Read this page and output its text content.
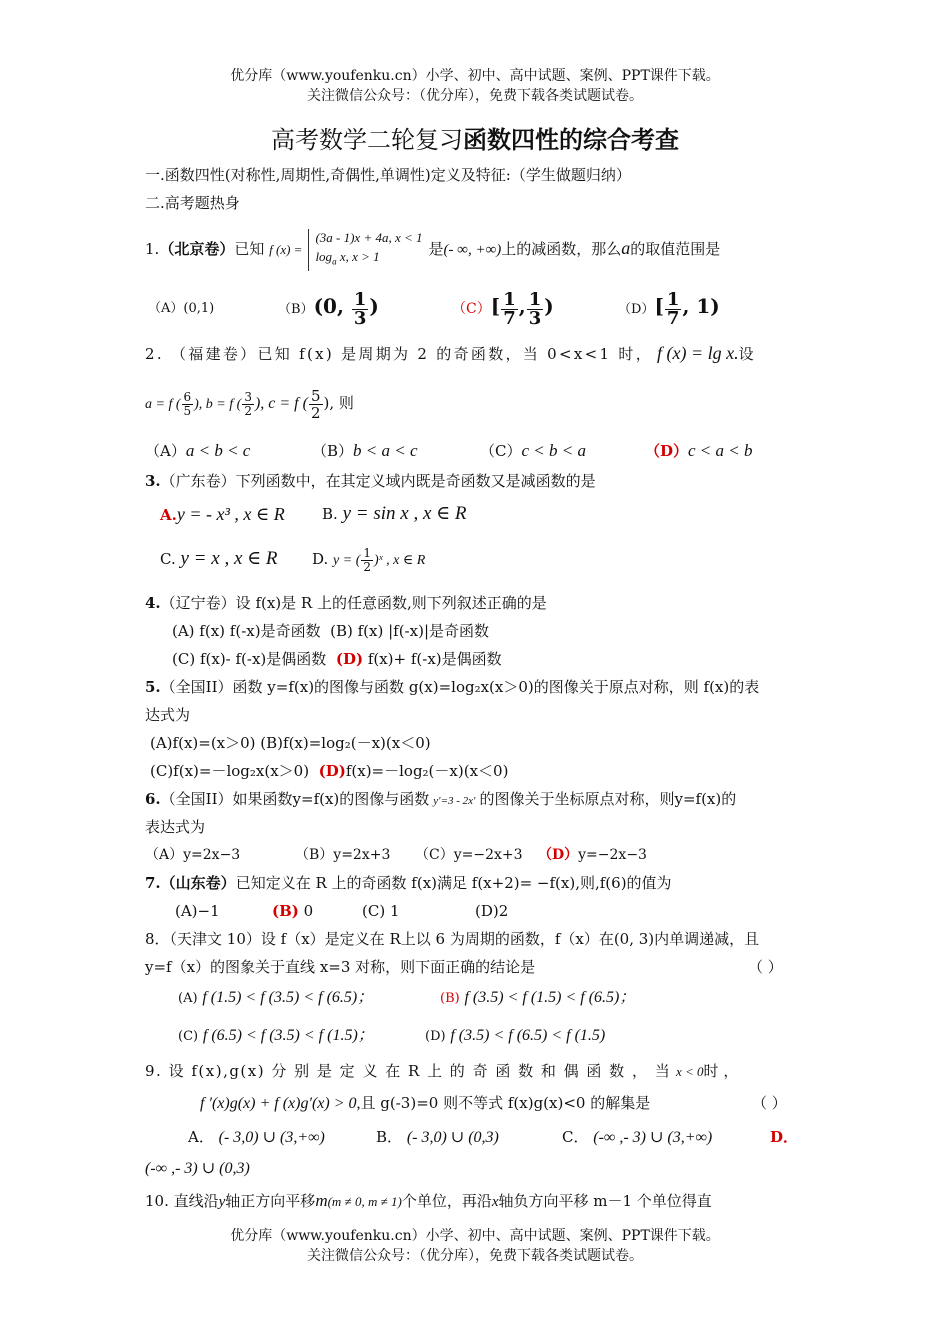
优分库（www.youfenku.cn）小学、初中、高中试题、案例、PPT课件下载。
关注微信公众号：（优分库），免费下载各类试题试卷。
高考数学二轮复习函数四性的综合考查
一.函数四性(对称性,周期性,奇偶性,单调性)定义及特征:（学生做题归纳）
二.高考题热身
1.（北京卷）已知 f (x) =(3a - 1)x + 4a, x < 1
$\log_a x$, x > 1	是(- ∞, +∞)上的减函数，那么a的取值范围是
（A）(0,1)	（B）(0, $\frac{1}{3}$ )	$(C)[ \frac{1}{7}$ , $\frac{1}{3}$ )	$(D)[ \frac{1}{7}$ , 1)
2. （福建卷）已知 f(x) 是周期为 2 的奇函数，当 0<x<1 时， f (x) = lg x.设
a = f ( $\frac{6}{5}$ ), b = f ( $\frac{3}{2}$ ), c = f ( $\frac{5}{2}$ ), 则
（A）a < b < c	（B）b < a < c	（C）c < b < a	（D）c < a < b
3.（广东卷）下列函数中，在其定义域内既是奇函数又是减函数的是
A.y = - x³ , x ∈ R B. y = sin x , x ∈ R
C. y = x , x ∈ R D. y = ( $\frac{1}{2}$ )ˣ , x ∈ R
4.（辽宁卷）设 f(x)是 R 上的任意函数,则下列叙述正确的是
(A) f(x) f(-x)是奇函数 (B) f(x) |f(-x)|是奇函数
(C) f(x)- f(-x)是偶函数 (D) f(x)+ f(-x)是偶函数
5.（全国II）函数 y=f(x)的图像与函数 g(x)=log₂x(x＞0)的图像关于原点对称，则 f(x)的表
达式为
(A)f(x)=(x＞0) (B)f(x)=log₂(－x)(x＜0)
(C)f(x)=－log₂x(x＞0) (D)f(x)=－log₂(－x)(x＜0)
6.（全国II）如果函数y=f(x)的图像与函数 y′=3 - 2x′ 的图像关于坐标原点对称，则y=f(x)的
表达式为
（A）y=2x−3	（B）y=2x+3 （C）y=−2x+3 （D）y=−2x−3
7.（山东卷）已知定义在 R 上的奇函数 f(x)满足 f(x+2)= −f(x),则,f(6)的值为
(A)−1	(B) 0	(C) 1	(D)2
8．（天津文 10）设 f（x）是定义在 R上以 6 为周期的函数，f（x）在(0, 3)内单调递减，且
y=f（x）的图象关于直线 x=3 对称，则下面正确的结论是	（ ）
(A) f (1.5) < f (3.5) < f (6.5)；	(B) f (3.5) < f (1.5) < f (6.5)；
(C) f (6.5) < f (3.5) < f (1.5)；	(D) f (3.5) < f (6.5) < f (1.5)
9. 设 f(x),g(x) 分 别 是 定 义 在 R 上 的 奇 函 数 和 偶 函 数 ， 当 x < 0时 ，
f ′(x)g(x) + f (x)g′(x) > 0,且 g(-3)=0 则不等式 f(x)g(x)<0 的解集是	（ ）
A． (- 3,0) ∪ (3,+∞)	B． (- 3,0) ∪ (0,3)	C． (-∞ ,- 3) ∪ (3,+∞)	D．
(-∞ ,- 3) ∪ (0,3)
10. 直线沿y轴正方向平移m(m ≠ 0, m ≠ 1)个单位，再沿x轴负方向平移 m－1 个单位得直
优分库（www.youfenku.cn）小学、初中、高中试题、案例、PPT课件下载。
关注微信公众号：（优分库），免费下载各类试题试卷。
